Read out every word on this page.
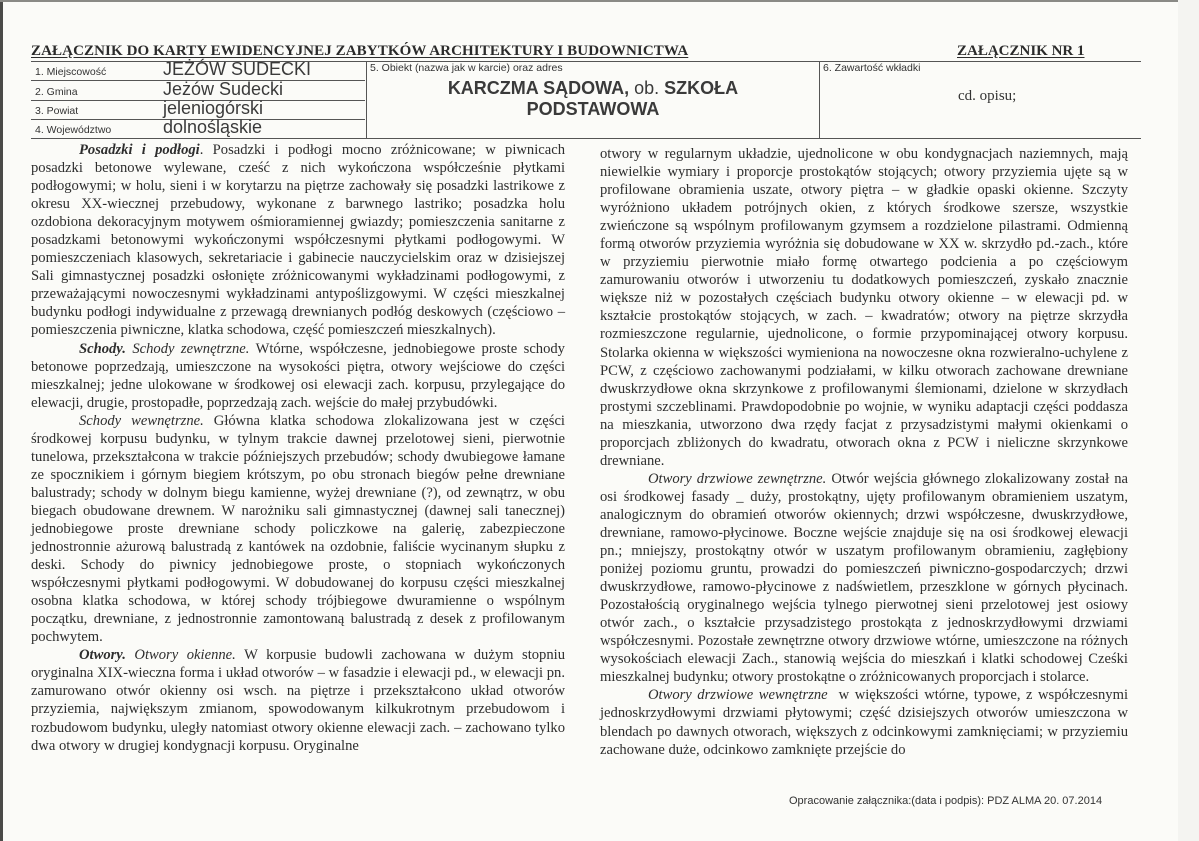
ZAŁĄCZNIK DO KARTY EWIDENCYJNEJ ZABYTKÓW ARCHITEKTURY I BUDOWNICTWA	ZAŁĄCZNIK NR 1
1. Miejscowość	JEŻÓW SUDECKI
2. Gmina	Jeżów Sudecki
3. Powiat	jeleniogórski
4. Województwo	dolnośląskie
5. Obiekt (nazwa jak w karcie) oraz adres
KARCZMA SĄDOWA, ob. SZKOŁA
PODSTAWOWA
6. Zawartość wkładki
cd. opisu;

Posadzki i podłogi. Posadzki i podłogi mocno zróżnicowane; w piwnicach posadzki betonowe wylewane, cześć z nich wykończona współcześnie płytkami podłogowymi; w holu, sieni i w korytarzu na piętrze zachowały się posadzki lastrikowe z okresu XX-wiecznej przebudowy, wykonane z barwnego lastriko; posadzka holu ozdobiona dekoracyjnym motywem ośmioramiennej gwiazdy; pomieszczenia sanitarne z posadzkami betonowymi wykończonymi współczesnymi płytkami podłogowymi. W pomieszczeniach klasowych, sekretariacie i gabinecie nauczycielskim oraz w dzisiejszej Sali gimnastycznej posadzki osłonięte zróżnicowanymi wykładzinami podłogowymi, z przeważającymi nowoczesnymi wykładzinami antypoślizgowymi. W części mieszkalnej budynku podłogi indywidualne z przewagą drewnianych podłóg deskowych (częściowo – pomieszczenia piwniczne, klatka schodowa, część pomieszczeń mieszkalnych).

Schody. Schody zewnętrzne. Wtórne, współczesne, jednobiegowe proste schody betonowe poprzedzają, umieszczone na wysokości piętra, otwory wejściowe do części mieszkalnej; jedne ulokowane w środkowej osi elewacji zach. korpusu, przylegające do elewacji, drugie, prostopadłe, poprzedzają zach. wejście do małej przybudówki.

Schody wewnętrzne. Główna klatka schodowa zlokalizowana jest w części środkowej korpusu budynku, w tylnym trakcie dawnej przelotowej sieni, pierwotnie tunelowa, przekształcona w trakcie późniejszych przebudów; schody dwubiegowe łamane ze spocznikiem i górnym biegiem krótszym, po obu stronach biegów pełne drewniane balustrady; schody w dolnym biegu kamienne, wyżej drewniane (?), od zewnątrz, w obu biegach obudowane drewnem. W narożniku sali gimnastycznej (dawnej sali tanecznej) jednobiegowe proste drewniane schody policzkowe na galerię, zabezpieczone jednostronnie ażurową balustradą z kantówek na ozdobnie, faliście wycinanym słupku z deski. Schody do piwnicy jednobiegowe proste, o stopniach wykończonych współczesnymi płytkami podłogowymi. W dobudowanej do korpusu części mieszkalnej osobna klatka schodowa, w której schody trójbiegowe dwuramienne o wspólnym początku, drewniane, z jednostronnie zamontowaną balustradą z desek z profilowanym pochwytem.

Otwory. Otwory okienne. W korpusie budowli zachowana w dużym stopniu oryginalna XIX-wieczna forma i układ otworów – w fasadzie i elewacji pd., w elewacji pn. zamurowano otwór okienny osi wsch. na piętrze i przekształcono układ otworów przyziemia, największym zmianom, spowodowanym kilkukrotnym przebudowom i rozbudowom budynku, uległy natomiast otwory okienne elewacji zach. – zachowano tylko dwa otwory w drugiej kondygnacji korpusu. Oryginalne

otwory w regularnym układzie, ujednolicone w obu kondygnacjach naziemnych, mają niewielkie wymiary i proporcje prostokątów stojących; otwory przyziemia ujęte są w profilowane obramienia uszate, otwory piętra – w gładkie opaski okienne. Szczyty wyróżniono układem potrójnych okien, z których środkowe szersze, wszystkie zwieńczone są wspólnym profilowanym gzymsem a rozdzielone pilastrami. Odmienną formą otworów przyziemia wyróżnia się dobudowane w XX w. skrzydło pd.-zach., które w przyziemiu pierwotnie miało formę otwartego podcienia a po częściowym zamurowaniu otworów i utworzeniu tu dodatkowych pomieszczeń, zyskało znacznie większe niż w pozostałych częściach budynku otwory okienne – w elewacji pd. w kształcie prostokątów stojących, w zach. – kwadratów; otwory na piętrze skrzydła rozmieszczone regularnie, ujednolicone, o formie przypominającej otwory korpusu. Stolarka okienna w większości wymieniona na nowoczesne okna rozwieralno-uchylene z PCW, z częściowo zachowanymi podziałami, w kilku otworach zachowane drewniane dwuskrzydłowe okna skrzynkowe z profilowanymi ślemionami, dzielone w skrzydłach prostymi szczeblinami. Prawdopodobnie po wojnie, w wyniku adaptacji części poddasza na mieszkania, utworzono dwa rzędy facjat z przysadzistymi małymi okienkami o proporcjach zbliżonych do kwadratu, otworach okna z PCW i nieliczne skrzynkowe drewniane.

Otwory drzwiowe zewnętrzne. Otwór wejścia głównego zlokalizowany został na osi środkowej fasady _ duży, prostokątny, ujęty profilowanym obramieniem uszatym, analogicznym do obramień otworów okiennych; drzwi współczesne, dwuskrzydłowe, drewniane, ramowo-płycinowe. Boczne wejście znajduje się na osi środkowej elewacji pn.; mniejszy, prostokątny otwór w uszatym profilowanym obramieniu, zagłębiony poniżej poziomu gruntu, prowadzi do pomieszczeń piwniczno-gospodarczych; drzwi dwuskrzydłowe, ramowo-płycinowe z nadświetlem, przeszklone w górnych płycinach. Pozostałością oryginalnego wejścia tylnego pierwotnej sieni przelotowej jest osiowy otwór zach., o kształcie przysadzistego prostokąta z jednoskrzydłowymi drzwiami współczesnymi. Pozostałe zewnętrzne otwory drzwiowe wtórne, umieszczone na różnych wysokościach elewacji Zach., stanowią wejścia do mieszkań i klatki schodowej Cześki mieszkalnej budynku; otwory prostokątne o zróżnicowanych proporcjach i stolarce.

Otwory drzwiowe wewnętrzne  w większości wtórne, typowe, z współczesnymi jednoskrzydłowymi drzwiami płytowymi; część dzisiejszych otworów umieszczona w blendach po dawnych otworach, większych z odcinkowymi zamknięciami; w przyziemiu zachowane duże, odcinkowo zamknięte przejście do

Opracowanie załącznika:(data i podpis): PDZ ALMA 20. 07.2014
